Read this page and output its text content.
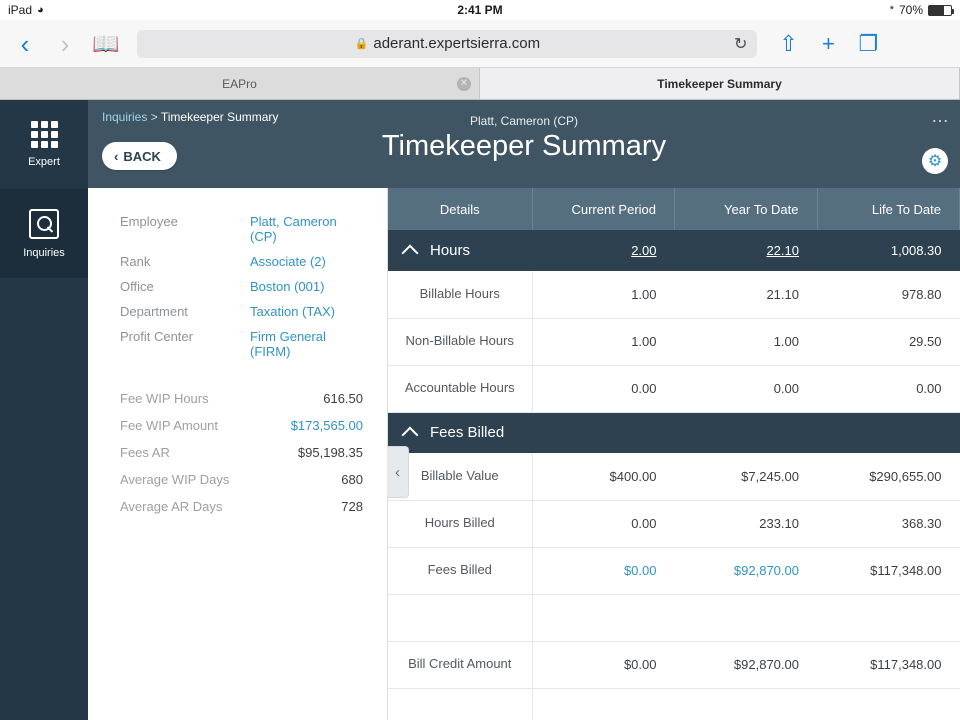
iPad ◕	2:41 PM	* 70%
‹	›	📖	🔒 aderant.expertsierra.com	↻ ⇧ + ❐
EAPro	✕	Timekeeper Summary
Expert
Inquiries
Inquiries > Timekeeper Summary	Platt, Cameron (CP)
Timekeeper Summary
‹ BACK
…
⚙
Employee	Platt, Cameron (CP)
Rank	Associate (2)
Office	Boston (001)
Department	Taxation (TAX)
Profit Center	Firm General (FIRM)
Fee WIP Hours	616.50
Fee WIP Amount	$173,565.00
Fees AR	$95,198.35
Average WIP Days	680
Average AR Days	728
‹
Details	Current Period	Year To Date	Life To Date

Hours	2.00	22.10	1,008.30
Billable Hours	1.00	21.10	978.80
Non-Billable Hours	1.00	1.00	29.50
Accountable Hours	0.00	0.00	0.00

Fees Billed			

Billable Value	$400.00	$7,245.00	$290,655.00
Hours Billed	0.00	233.10	368.30
Fees Billed	$0.00	$92,870.00	$117,348.00

Bill Credit Amount	$0.00	$92,870.00	$117,348.00
